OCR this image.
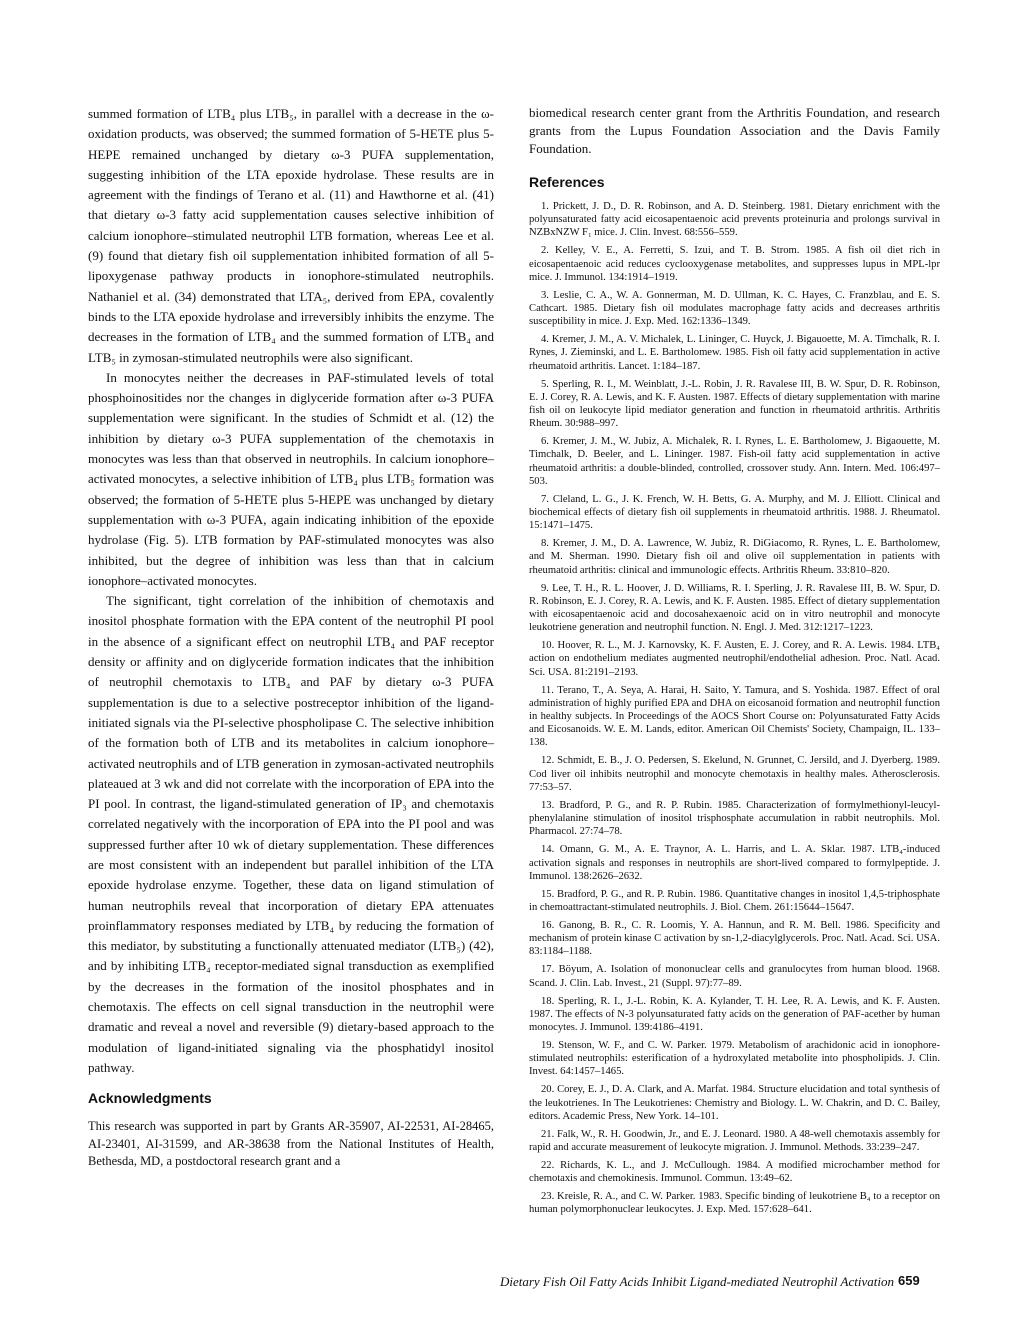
summed formation of LTB₄ plus LTB₅, in parallel with a decrease in the ω-oxidation products, was observed; the summed formation of 5-HETE plus 5-HEPE remained unchanged by dietary ω-3 PUFA supplementation, suggesting inhibition of the LTA epoxide hydrolase. These results are in agreement with the findings of Terano et al. (11) and Hawthorne et al. (41) that dietary ω-3 fatty acid supplementation causes selective inhibition of calcium ionophore–stimulated neutrophil LTB formation, whereas Lee et al. (9) found that dietary fish oil supplementation inhibited formation of all 5-lipoxygenase pathway products in ionophore-stimulated neutrophils. Nathaniel et al. (34) demonstrated that LTA₅, derived from EPA, covalently binds to the LTA epoxide hydrolase and irreversibly inhibits the enzyme. The decreases in the formation of LTB₄ and the summed formation of LTB₄ and LTB₅ in zymosan-stimulated neutrophils were also significant.

In monocytes neither the decreases in PAF-stimulated levels of total phosphoinositides nor the changes in diglyceride formation after ω-3 PUFA supplementation were significant. In the studies of Schmidt et al. (12) the inhibition by dietary ω-3 PUFA supplementation of the chemotaxis in monocytes was less than that observed in neutrophils. In calcium ionophore–activated monocytes, a selective inhibition of LTB₄ plus LTB₅ formation was observed; the formation of 5-HETE plus 5-HEPE was unchanged by dietary supplementation with ω-3 PUFA, again indicating inhibition of the epoxide hydrolase (Fig. 5). LTB formation by PAF-stimulated monocytes was also inhibited, but the degree of inhibition was less than that in calcium ionophore–activated monocytes.

The significant, tight correlation of the inhibition of chemotaxis and inositol phosphate formation with the EPA content of the neutrophil PI pool in the absence of a significant effect on neutrophil LTB₄ and PAF receptor density or affinity and on diglyceride formation indicates that the inhibition of neutrophil chemotaxis to LTB₄ and PAF by dietary ω-3 PUFA supplementation is due to a selective postreceptor inhibition of the ligand-initiated signals via the PI-selective phospholipase C. The selective inhibition of the formation both of LTB and its metabolites in calcium ionophore–activated neutrophils and of LTB generation in zymosan-activated neutrophils plateaued at 3 wk and did not correlate with the incorporation of EPA into the PI pool. In contrast, the ligand-stimulated generation of IP₃ and chemotaxis correlated negatively with the incorporation of EPA into the PI pool and was suppressed further after 10 wk of dietary supplementation. These differences are most consistent with an independent but parallel inhibition of the LTA epoxide hydrolase enzyme. Together, these data on ligand stimulation of human neutrophils reveal that incorporation of dietary EPA attenuates proinflammatory responses mediated by LTB₄ by reducing the formation of this mediator, by substituting a functionally attenuated mediator (LTB₅) (42), and by inhibiting LTB₄ receptor-mediated signal transduction as exemplified by the decreases in the formation of the inositol phosphates and in chemotaxis. The effects on cell signal transduction in the neutrophil were dramatic and reveal a novel and reversible (9) dietary-based approach to the modulation of ligand-initiated signaling via the phosphatidyl inositol pathway.

Acknowledgments

This research was supported in part by Grants AR-35907, AI-22531, AI-28465, AI-23401, AI-31599, and AR-38638 from the National Institutes of Health, Bethesda, MD, a postdoctoral research grant and a

biomedical research center grant from the Arthritis Foundation, and research grants from the Lupus Foundation Association and the Davis Family Foundation.

References
1. Prickett, J. D., D. R. Robinson, and A. D. Steinberg. 1981. Dietary enrichment with the polyunsaturated fatty acid eicosapentaenoic acid prevents proteinuria and prolongs survival in NZBxNZW F₁ mice. J. Clin. Invest. 68:556–559.
2. Kelley, V. E., A. Ferretti, S. Izui, and T. B. Strom. 1985. A fish oil diet rich in eicosapentaenoic acid reduces cyclooxygenase metabolites, and suppresses lupus in MPL-lpr mice. J. Immunol. 134:1914–1919.
3. Leslie, C. A., W. A. Gonnerman, M. D. Ullman, K. C. Hayes, C. Franzblau, and E. S. Cathcart. 1985. Dietary fish oil modulates macrophage fatty acids and decreases arthritis susceptibility in mice. J. Exp. Med. 162:1336–1349.
4. Kremer, J. M., A. V. Michalek, L. Lininger, C. Huyck, J. Bigauoette, M. A. Timchalk, R. I. Rynes, J. Zieminski, and L. E. Bartholomew. 1985. Fish oil fatty acid supplementation in active rheumatoid arthritis. Lancet. 1:184–187.
5. Sperling, R. I., M. Weinblatt, J.-L. Robin, J. R. Ravalese III, B. W. Spur, D. R. Robinson, E. J. Corey, R. A. Lewis, and K. F. Austen. 1987. Effects of dietary supplementation with marine fish oil on leukocyte lipid mediator generation and function in rheumatoid arthritis. Arthritis Rheum. 30:988–997.
6. Kremer, J. M., W. Jubiz, A. Michalek, R. I. Rynes, L. E. Bartholomew, J. Bigaouette, M. Timchalk, D. Beeler, and L. Lininger. 1987. Fish-oil fatty acid supplementation in active rheumatoid arthritis: a double-blinded, controlled, crossover study. Ann. Intern. Med. 106:497–503.
7. Cleland, L. G., J. K. French, W. H. Betts, G. A. Murphy, and M. J. Elliott. Clinical and biochemical effects of dietary fish oil supplements in rheumatoid arthritis. 1988. J. Rheumatol. 15:1471–1475.
8. Kremer, J. M., D. A. Lawrence, W. Jubiz, R. DiGiacomo, R. Rynes, L. E. Bartholomew, and M. Sherman. 1990. Dietary fish oil and olive oil supplementation in patients with rheumatoid arthritis: clinical and immunologic effects. Arthritis Rheum. 33:810–820.
9. Lee, T. H., R. L. Hoover, J. D. Williams, R. I. Sperling, J. R. Ravalese III, B. W. Spur, D. R. Robinson, E. J. Corey, R. A. Lewis, and K. F. Austen. 1985. Effect of dietary supplementation with eicosapentaenoic acid and docosahexaenoic acid on in vitro neutrophil and monocyte leukotriene generation and neutrophil function. N. Engl. J. Med. 312:1217–1223.
10. Hoover, R. L., M. J. Karnovsky, K. F. Austen, E. J. Corey, and R. A. Lewis. 1984. LTB₄ action on endothelium mediates augmented neutrophil/endothelial adhesion. Proc. Natl. Acad. Sci. USA. 81:2191–2193.
11. Terano, T., A. Seya, A. Harai, H. Saito, Y. Tamura, and S. Yoshida. 1987. Effect of oral administration of highly purified EPA and DHA on eicosanoid formation and neutrophil function in healthy subjects. In Proceedings of the AOCS Short Course on: Polyunsaturated Fatty Acids and Eicosanoids. W. E. M. Lands, editor. American Oil Chemists' Society, Champaign, IL. 133–138.
12. Schmidt, E. B., J. O. Pedersen, S. Ekelund, N. Grunnet, C. Jersild, and J. Dyerberg. 1989. Cod liver oil inhibits neutrophil and monocyte chemotaxis in healthy males. Atherosclerosis. 77:53–57.
13. Bradford, P. G., and R. P. Rubin. 1985. Characterization of formylmethionyl-leucyl-phenylalanine stimulation of inositol trisphosphate accumulation in rabbit neutrophils. Mol. Pharmacol. 27:74–78.
14. Omann, G. M., A. E. Traynor, A. L. Harris, and L. A. Sklar. 1987. LTB₄-induced activation signals and responses in neutrophils are short-lived compared to formylpeptide. J. Immunol. 138:2626–2632.
15. Bradford, P. G., and R. P. Rubin. 1986. Quantitative changes in inositol 1,4,5-triphosphate in chemoattractant-stimulated neutrophils. J. Biol. Chem. 261:15644–15647.
16. Ganong, B. R., C. R. Loomis, Y. A. Hannun, and R. M. Bell. 1986. Specificity and mechanism of protein kinase C activation by sn-1,2-diacylglycerols. Proc. Natl. Acad. Sci. USA. 83:1184–1188.
17. Böyum, A. Isolation of mononuclear cells and granulocytes from human blood. 1968. Scand. J. Clin. Lab. Invest., 21 (Suppl. 97):77–89.
18. Sperling, R. I., J.-L. Robin, K. A. Kylander, T. H. Lee, R. A. Lewis, and K. F. Austen. 1987. The effects of N-3 polyunsaturated fatty acids on the generation of PAF-acether by human monocytes. J. Immunol. 139:4186–4191.
19. Stenson, W. F., and C. W. Parker. 1979. Metabolism of arachidonic acid in ionophore-stimulated neutrophils: esterification of a hydroxylated metabolite into phospholipids. J. Clin. Invest. 64:1457–1465.
20. Corey, E. J., D. A. Clark, and A. Marfat. 1984. Structure elucidation and total synthesis of the leukotrienes. In The Leukotrienes: Chemistry and Biology. L. W. Chakrin, and D. C. Bailey, editors. Academic Press, New York. 14–101.
21. Falk, W., R. H. Goodwin, Jr., and E. J. Leonard. 1980. A 48-well chemotaxis assembly for rapid and accurate measurement of leukocyte migration. J. Immunol. Methods. 33:239–247.
22. Richards, K. L., and J. McCullough. 1984. A modified microchamber method for chemotaxis and chemokinesis. Immunol. Commun. 13:49–62.
23. Kreisle, R. A., and C. W. Parker. 1983. Specific binding of leukotriene B₄ to a receptor on human polymorphonuclear leukocytes. J. Exp. Med. 157:628–641.
Dietary Fish Oil Fatty Acids Inhibit Ligand-mediated Neutrophil Activation 659
